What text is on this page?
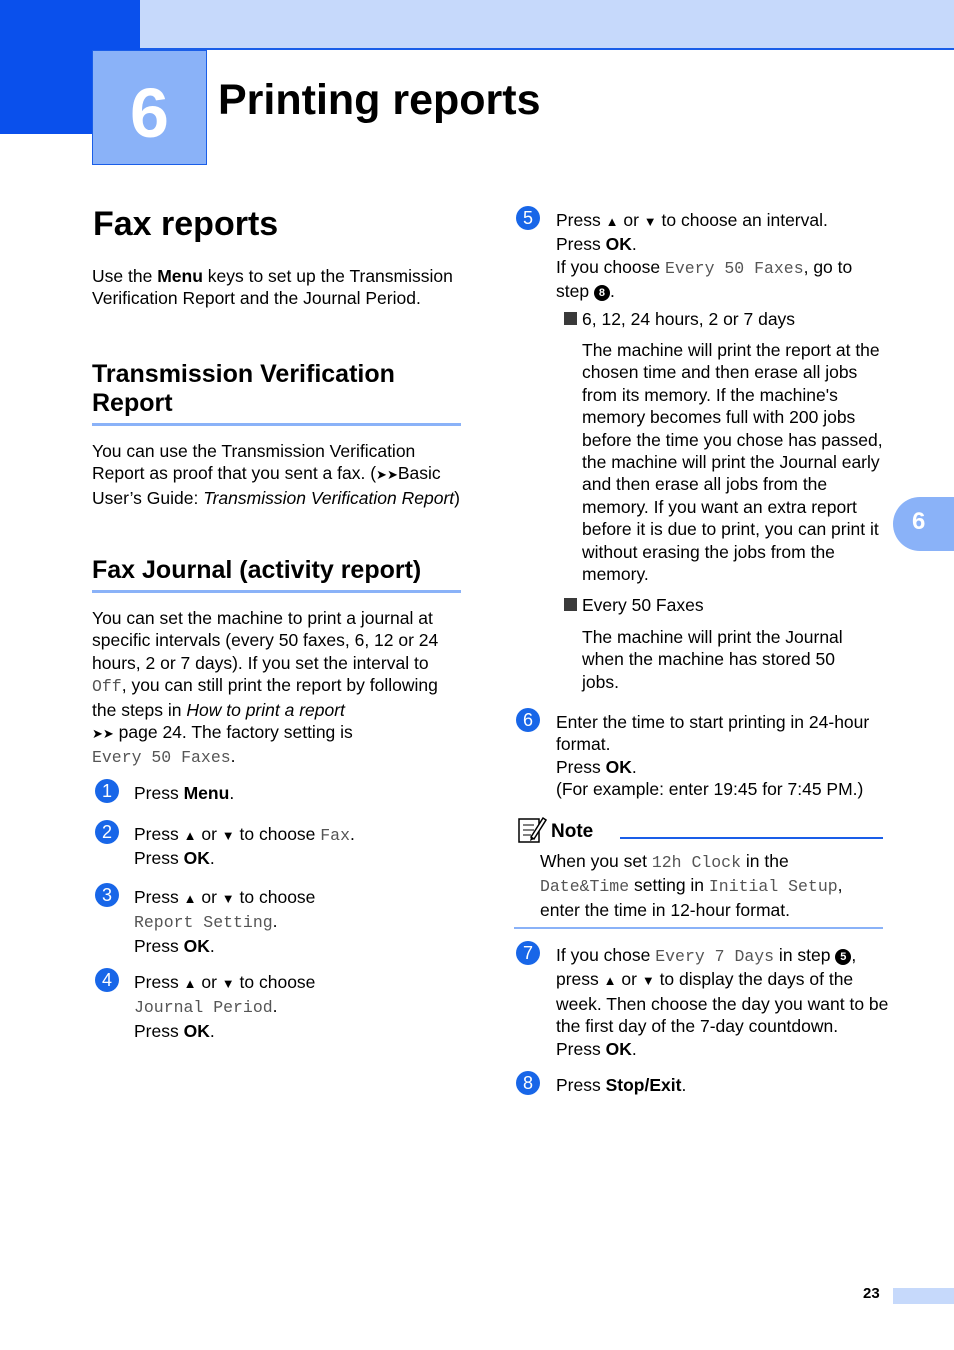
6	Printing reports
6
Fax reports
Use the Menu keys to set up the Transmission Verification Report and the Journal Period.
Transmission Verification Report
You can use the Transmission Verification Report as proof that you sent a fax. (➤➤Basic User’s Guide: Transmission Verification Report)
Fax Journal (activity report)
You can set the machine to print a journal at specific intervals (every 50 faxes, 6, 12 or 24 hours, 2 or 7 days). If you set the interval to Off, you can still print the report by following the steps in How to print a report
➤➤ page 24. The factory setting is
Every 50 Faxes.
1	Press Menu.
2	Press ▲ or ▼ to choose Fax.
Press OK.
3	Press ▲ or ▼ to choose
Report Setting.
Press OK.
4	Press ▲ or ▼ to choose
Journal Period.
Press OK.
5	Press ▲ or ▼ to choose an interval.
Press OK.
If you choose Every 50 Faxes, go to step 8 .
6, 12, 24 hours, 2 or 7 days
The machine will print the report at the chosen time and then erase all jobs from its memory. If the machine's memory becomes full with 200 jobs before the time you chose has passed, the machine will print the Journal early and then erase all jobs from the memory. If you want an extra report before it is due to print, you can print it without erasing the jobs from the memory.
Every 50 Faxes
The machine will print the Journal when the machine has stored 50 jobs.
6	Enter the time to start printing in 24-hour format.
Press OK.
(For example: enter 19:45 for 7:45 PM.)
Note
When you set 12h Clock in the
Date&Time setting in Initial Setup,
enter the time in 12-hour format.
7	If you chose Every 7 Days in step 5 ,
press ▲ or ▼ to display the days of the week. Then choose the day you want to be the first day of the 7-day countdown.
Press OK.
8	Press Stop/Exit.
23
